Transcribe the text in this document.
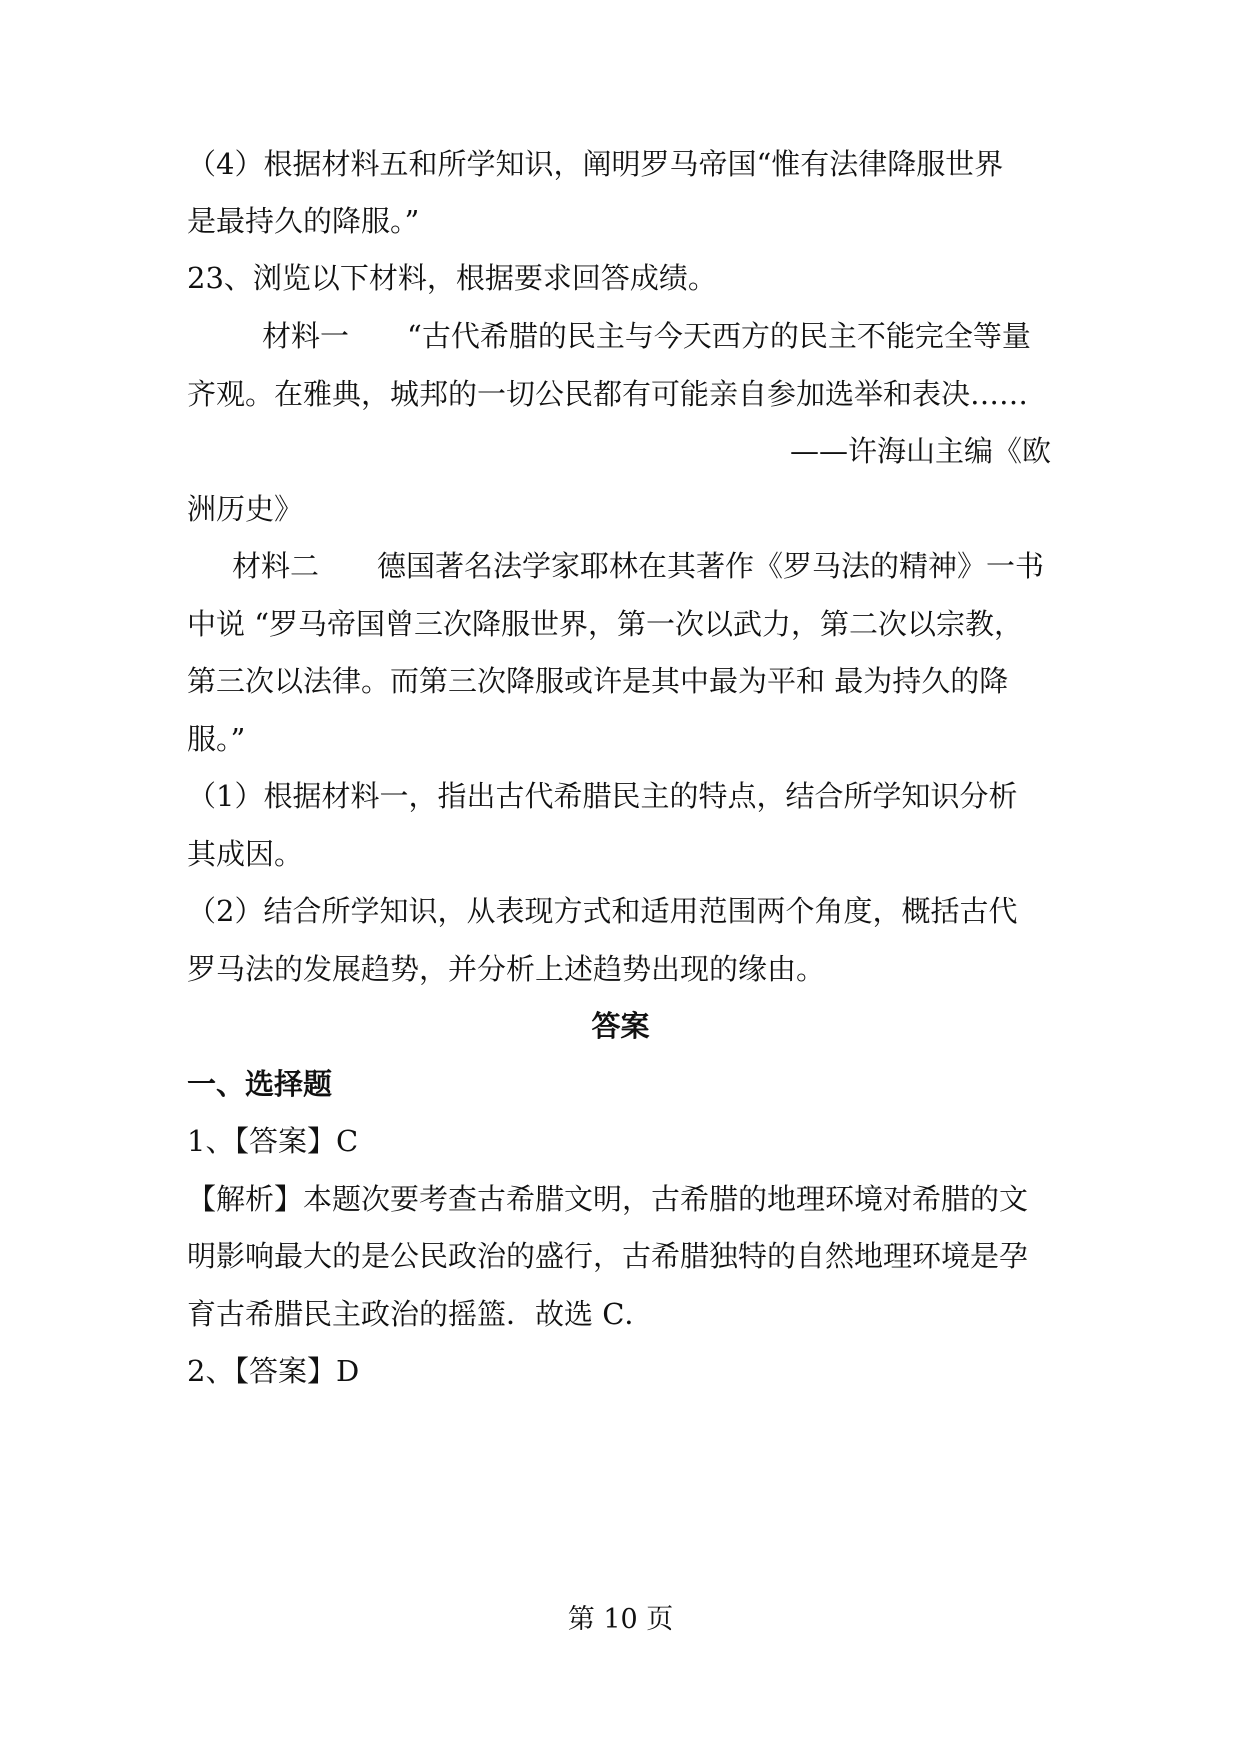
（4）根据材料五和所学知识，阐明罗马帝国“惟有法律降服世界
是最持久的降服。”
23、浏览以下材料，根据要求回答成绩。
材料一　　“古代希腊的民主与今天西方的民主不能完全等量
齐观。在雅典，城邦的一切公民都有可能亲自参加选举和表决……
——许海山主编《欧
洲历史》
材料二　　德国著名法学家耶林在其著作《罗马法的精神》一书
中说 “罗马帝国曾三次降服世界，第一次以武力，第二次以宗教，
第三次以法律。而第三次降服或许是其中最为平和 最为持久的降
服。”
（1）根据材料一，指出古代希腊民主的特点，结合所学知识分析
其成因。
（2）结合所学知识，从表现方式和适用范围两个角度，概括古代
罗马法的发展趋势，并分析上述趋势出现的缘由。
答案
一、选择题
1、【答案】C
【解析】本题次要考查古希腊文明，古希腊的地理环境对希腊的文
明影响最大的是公民政治的盛行，古希腊独特的自然地理环境是孕
育古希腊民主政治的摇篮．故选 C．
2、【答案】D
第 10 页
